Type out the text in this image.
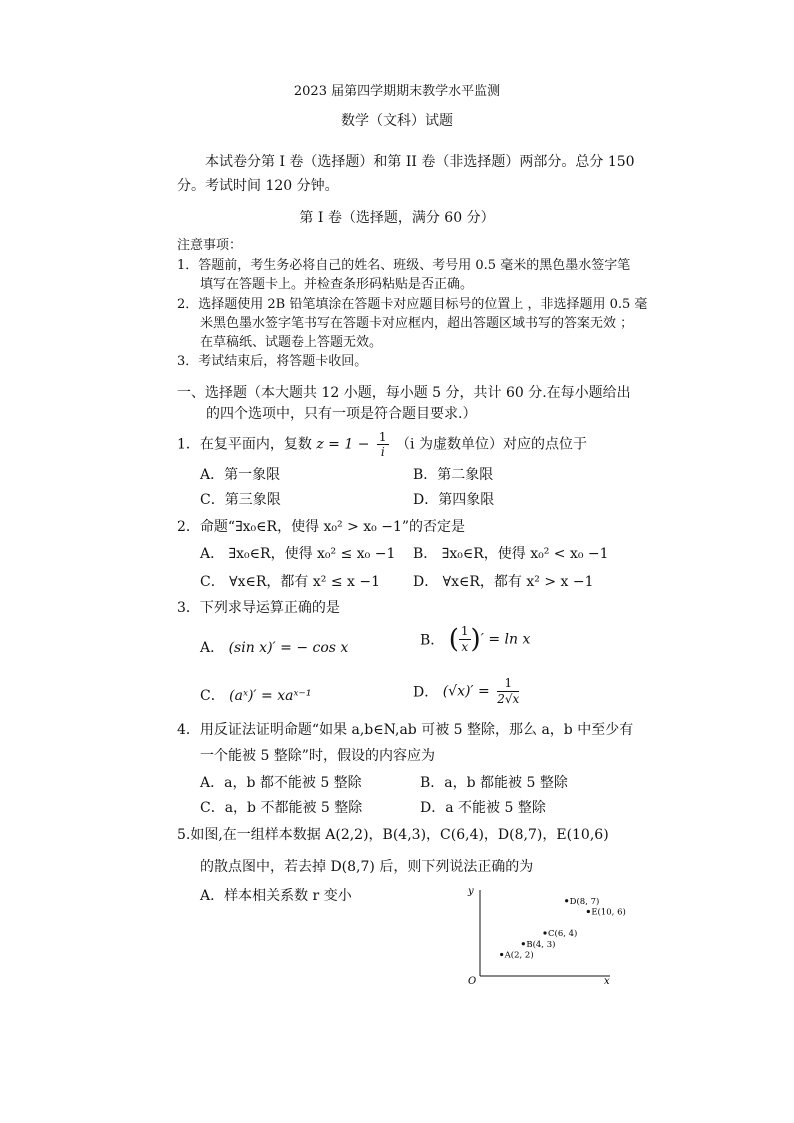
2023 届第四学期期末教学水平监测
数学（文科）试题
本试卷分第 I 卷（选择题）和第 II 卷（非选择题）两部分。总分 150
分。考试时间 120 分钟。
第 I 卷（选择题，满分 60 分）
注意事项：
1．答题前，考生务必将自己的姓名、班级、考号用 0.5 毫米的黑色墨水签字笔
填写在答题卡上。并检查条形码粘贴是否正确。
2．选择题使用 2B 铅笔填涂在答题卡对应题目标号的位置上 ，非选择题用 0.5 毫
米黑色墨水签字笔书写在答题卡对应框内，超出答题区域书写的答案无效 ；
在草稿纸、试题卷上答题无效。
3．考试结束后，将答题卡收回。
一、选择题（本大题共 12 小题，每小题 5 分，共计 60 分.在每小题给出
的四个选项中，只有一项是符合题目要求.）
1．在复平面内，复数 $z = 1 - \frac{1}{i} (i$ 为虚数单位）对应的点位于
A．第一象限	B．第二象限
C．第三象限	D．第四象限
2．命题“∃x₀∈R，使得 x₀² > x₀ −1”的否定是
A． ∃x₀∈R，使得 x₀² ≤ x₀ −1 B． ∃x₀∈R，使得 x₀² < x₀ −1
C． ∀x∈R，都有 x² ≤ x −1 D． ∀x∈R，都有 x² > x −1
3．下列求导运算正确的是
A． (sin x)′ = − cos x	B． ( $\frac{1}{x}$ )′ = ln x
C． (aˣ)′ = xaˣ⁻¹	D． $(√x)' = \frac{1}{2√x}$
4．用反证法证明命题“如果 a,b∈N,ab 可被 5 整除，那么 a，b 中至少有
一个能被 5 整除”时，假设的内容应为
A．a，b 都不能被 5 整除	B．a，b 都能被 5 整除
C．a，b 不都能被 5 整除	D．a 不能被 5 整除
5.如图,在一组样本数据 A(2,2)，B(4,3)，C(6,4)，D(8,7)，E(10,6)
的散点图中，若去掉 D(8,7) 后，则下列说法正确的为
A．样本相关系数 r 变小	y
x
O
A(2, 2)
B(4, 3)
C(6, 4)
D(8, 7)
E(10, 6)
